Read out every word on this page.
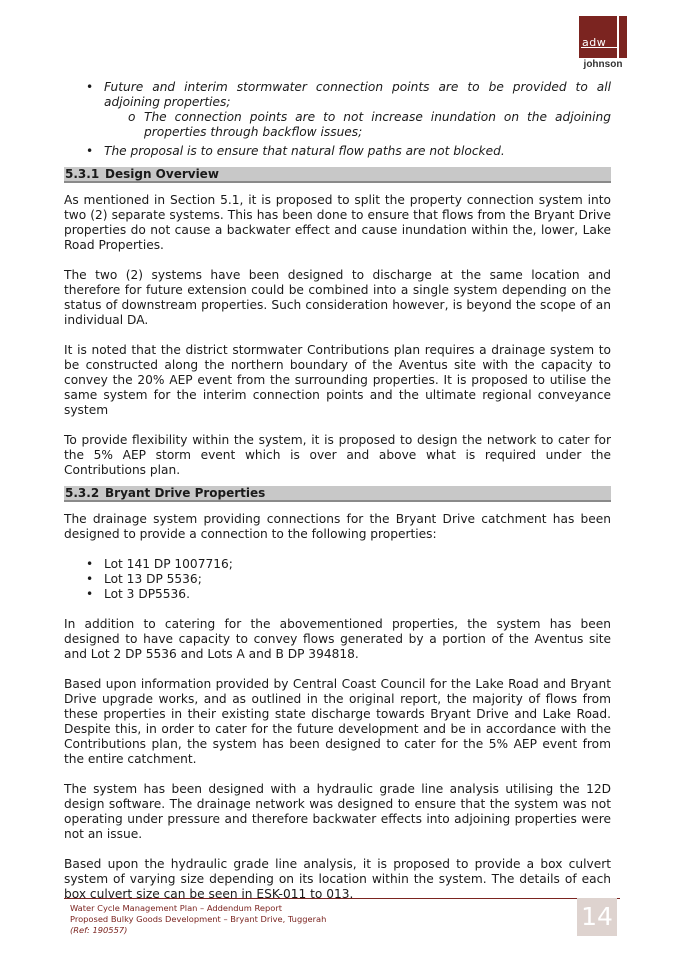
adw
johnson
• Future and interim stormwater connection points are to be provided to all adjoining properties;
o The connection points are to not increase inundation on the adjoining properties through backflow issues;
• The proposal is to ensure that natural flow paths are not blocked.
5.3.1 Design Overview

As mentioned in Section 5.1, it is proposed to split the property connection system into two (2) separate systems. This has been done to ensure that flows from the Bryant Drive properties do not cause a backwater effect and cause inundation within the, lower, Lake Road Properties.

The two (2) systems have been designed to discharge at the same location and therefore for future extension could be combined into a single system depending on the status of downstream properties. Such consideration however, is beyond the scope of an individual DA.

It is noted that the district stormwater Contributions plan requires a drainage system to be constructed along the northern boundary of the Aventus site with the capacity to convey the 20% AEP event from the surrounding properties. It is proposed to utilise the same system for the interim connection points and the ultimate regional conveyance system

To provide flexibility within the system, it is proposed to design the network to cater for the 5% AEP storm event which is over and above what is required under the Contributions plan.

5.3.2 Bryant Drive Properties

The drainage system providing connections for the Bryant Drive catchment has been designed to provide a connection to the following properties:

• Lot 141 DP 1007716;
• Lot 13 DP 5536;
• Lot 3 DP5536.

In addition to catering for the abovementioned properties, the system has been designed to have capacity to convey flows generated by a portion of the Aventus site and Lot 2 DP 5536 and Lots A and B DP 394818.

Based upon information provided by Central Coast Council for the Lake Road and Bryant Drive upgrade works, and as outlined in the original report, the majority of flows from these properties in their existing state discharge towards Bryant Drive and Lake Road. Despite this, in order to cater for the future development and be in accordance with the Contributions plan, the system has been designed to cater for the 5% AEP event from the entire catchment.

The system has been designed with a hydraulic grade line analysis utilising the 12D design software. The drainage network was designed to ensure that the system was not operating under pressure and therefore backwater effects into adjoining properties were not an issue.

Based upon the hydraulic grade line analysis, it is proposed to provide a box culvert system of varying size depending on its location within the system. The details of each box culvert size can be seen in ESK-011 to 013.

Water Cycle Management Plan – Addendum Report
Proposed Bulky Goods Development – Bryant Drive, Tuggerah
(Ref: 190557)	14
